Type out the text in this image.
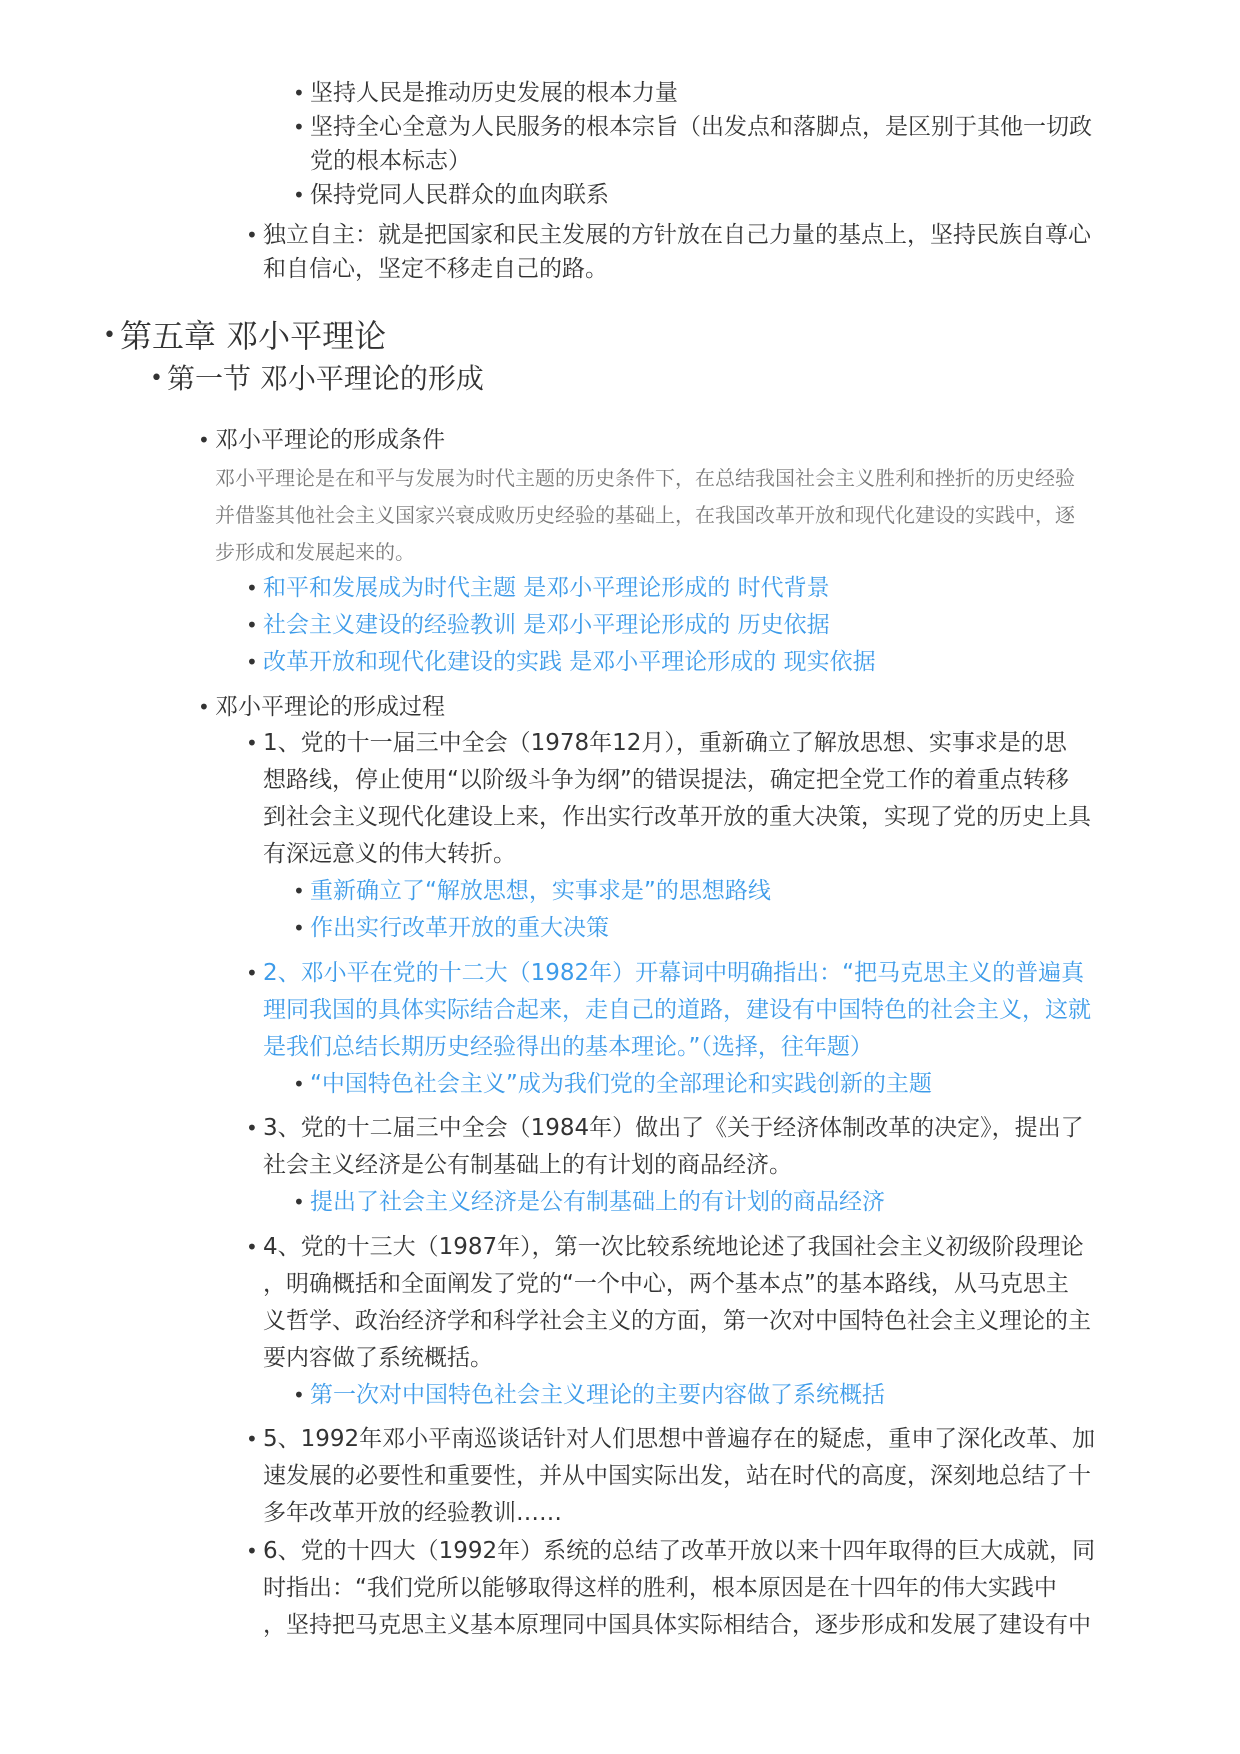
• 坚持人民是推动历史发展的根本力量
• 坚持全心全意为人民服务的根本宗旨（出发点和落脚点，是区别于其他一切政
党的根本标志）
• 保持党同人民群众的血肉联系
• 独立自主：就是把国家和民主发展的方针放在自己力量的基点上，坚持民族自尊心
和自信心，坚定不移走自己的路。
• 第五章 邓小平理论
• 第一节 邓小平理论的形成
• 邓小平理论的形成条件
邓小平理论是在和平与发展为时代主题的历史条件下，在总结我国社会主义胜利和挫折的历史经验
并借鉴其他社会主义国家兴衰成败历史经验的基础上，在我国改革开放和现代化建设的实践中，逐
步形成和发展起来的。
• 和平和发展成为时代主题 是邓小平理论形成的 时代背景
• 社会主义建设的经验教训 是邓小平理论形成的 历史依据
• 改革开放和现代化建设的实践 是邓小平理论形成的 现实依据
• 邓小平理论的形成过程
• 1、党的十一届三中全会（1978年12月），重新确立了解放思想、实事求是的思
想路线，停止使用“以阶级斗争为纲”的错误提法，确定把全党工作的着重点转移
到社会主义现代化建设上来，作出实行改革开放的重大决策，实现了党的历史上具
有深远意义的伟大转折。
• 重新确立了“解放思想，实事求是”的思想路线
• 作出实行改革开放的重大决策
• 2、邓小平在党的十二大（1982年）开幕词中明确指出：“把马克思主义的普遍真
理同我国的具体实际结合起来，走自己的道路，建设有中国特色的社会主义，这就
是我们总结长期历史经验得出的基本理论。”（选择，往年题）
• “中国特色社会主义”成为我们党的全部理论和实践创新的主题
• 3、党的十二届三中全会（1984年）做出了《关于经济体制改革的决定》，提出了
社会主义经济是公有制基础上的有计划的商品经济。
• 提出了社会主义经济是公有制基础上的有计划的商品经济
• 4、党的十三大（1987年），第一次比较系统地论述了我国社会主义初级阶段理论
，明确概括和全面阐发了党的“一个中心，两个基本点”的基本路线，从马克思主
义哲学、政治经济学和科学社会主义的方面，第一次对中国特色社会主义理论的主
要内容做了系统概括。
• 第一次对中国特色社会主义理论的主要内容做了系统概括
• 5、1992年邓小平南巡谈话针对人们思想中普遍存在的疑虑，重申了深化改革、加
速发展的必要性和重要性，并从中国实际出发，站在时代的高度，深刻地总结了十
多年改革开放的经验教训……
• 6、党的十四大（1992年）系统的总结了改革开放以来十四年取得的巨大成就，同
时指出：“我们党所以能够取得这样的胜利，根本原因是在十四年的伟大实践中
，坚持把马克思主义基本原理同中国具体实际相结合，逐步形成和发展了建设有中
